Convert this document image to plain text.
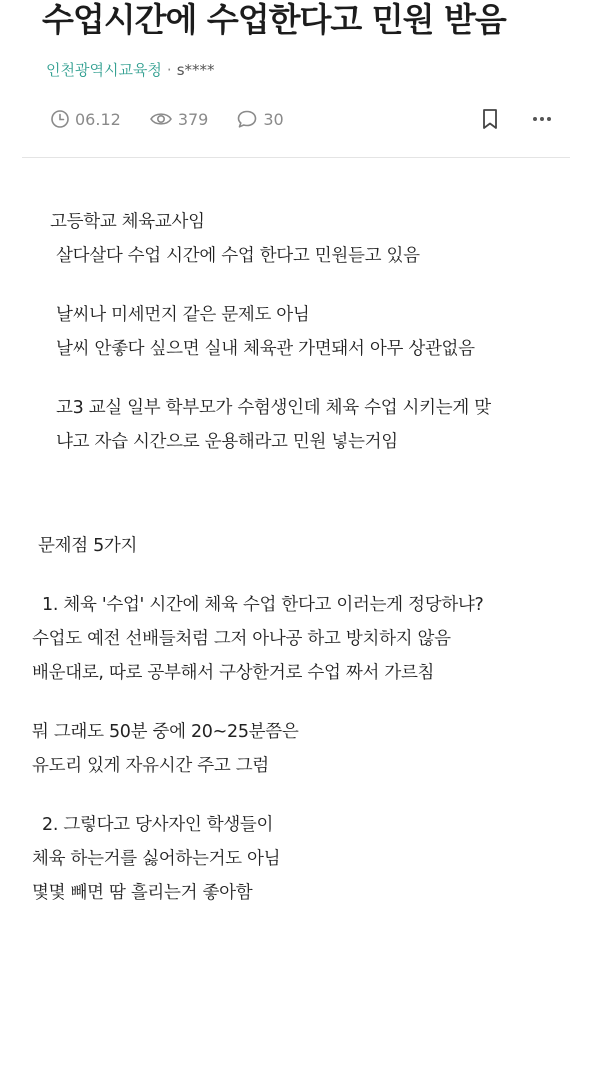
수업시간에 수업한다고 민원 받음
인천광역시교육청 · s****
06.12	379	30
고등학교 체육교사임
살다살다 수업 시간에 수업 한다고 민원듣고 있음
날씨나 미세먼지 같은 문제도 아님
날씨 안좋다 싶으면 실내 체육관 가면돼서 아무 상관없음
고3 교실 일부 학부모가 수험생인데 체육 수업 시키는게 맞
냐고 자습 시간으로 운용해라고 민원 넣는거임
문제점 5가지
1. 체육 '수업' 시간에 체육 수업 한다고 이러는게 정당하냐?
수업도 예전 선배들처럼 그저 아나공 하고 방치하지 않음
배운대로, 따로 공부해서 구상한거로 수업 짜서 가르침
뭐 그래도 50분 중에 20~25분쯤은
유도리 있게 자유시간 주고 그럼
2. 그렇다고 당사자인 학생들이
체육 하는거를 싫어하는거도 아님
몇몇 빼면 땀 흘리는거 좋아함
